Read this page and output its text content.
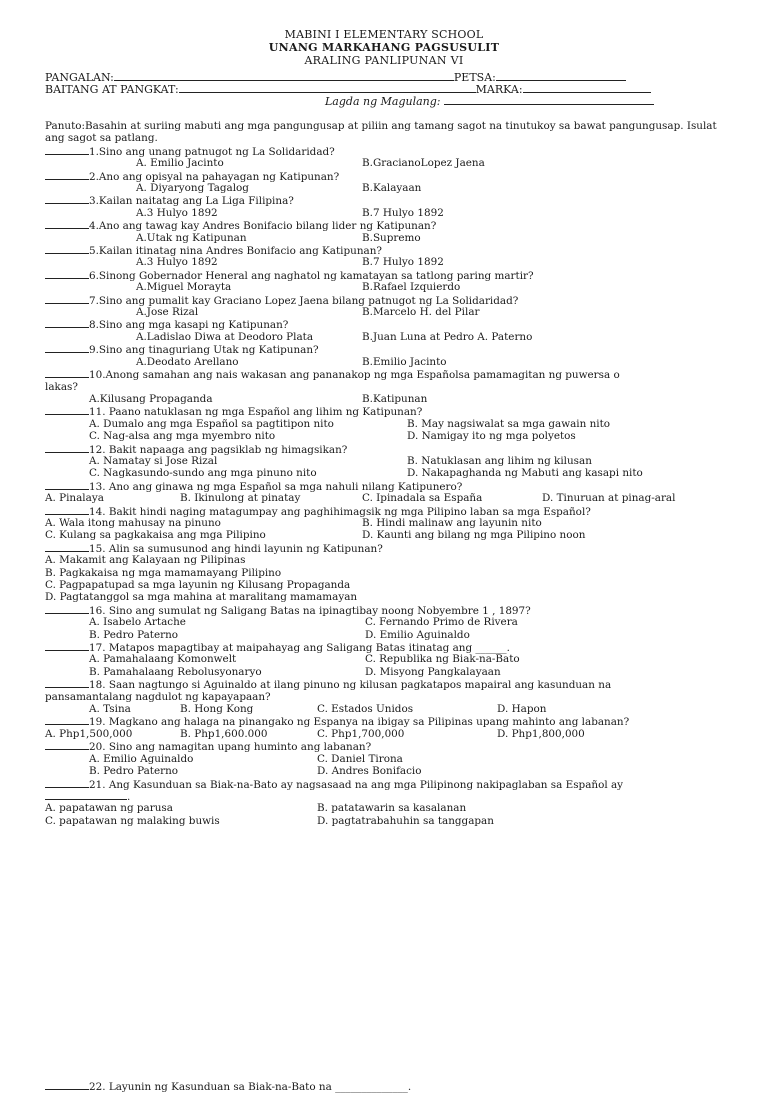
MABINI I ELEMENTARY SCHOOL
UNANG MARKAHANG PAGSUSULIT
ARALING PANLIPUNAN VI
PANGALAN:	PETSA:
BAITANG AT PANGKAT:	MARKA:
Lagda ng Magulang:
Panuto:Basahin at suriing mabuti ang mga pangungusap at piliin ang tamang sagot na tinutukoy sa bawat pangungusap. Isulat ang sagot sa patlang.
1.Sino ang unang patnugot ng La Solidaridad?
A. Emilio Jacinto	B.GracianoLopez Jaena
2.Ano ang opisyal na pahayagan ng Katipunan?
A. Diyaryong Tagalog	B.Kalayaan
3.Kailan naitatag ang La Liga Filipina?
A.3 Hulyo 1892	B.7 Hulyo 1892
4.Ano ang tawag kay Andres Bonifacio bilang lider ng Katipunan?
A.Utak ng Katipunan	B.Supremo
5.Kailan itinatag nina Andres Bonifacio ang Katipunan?
A.3 Hulyo 1892	B.7 Hulyo 1892
6.Sinong Gobernador Heneral ang naghatol ng kamatayan sa tatlong paring martir?
A.Miguel Morayta	B.Rafael Izquierdo
7.Sino ang pumalit kay Graciano Lopez Jaena bilang patnugot ng La Solidaridad?
A.Jose Rizal	B.Marcelo H. del Pilar
8.Sino ang mga kasapi ng Katipunan?
A.Ladislao Diwa at Deodoro Plata	B.Juan Luna at Pedro A. Paterno
9.Sino ang tinaguriang Utak ng Katipunan?
A.Deodato Arellano	B.Emilio Jacinto
10.Anong samahan ang nais wakasan ang pananakop ng mga Españolsa pamamagitan ng puwersa o
lakas?
A.Kilusang Propaganda	B.Katipunan
11. Paano natuklasan ng mga Español ang lihim ng Katipunan?
A. Dumalo ang mga Español sa pagtitipon nito	B. May nagsiwalat sa mga gawain nito
C. Nag-alsa ang mga myembro nito	D. Namigay ito ng mga polyetos
12. Bakit napaaga ang pagsiklab ng himagsikan?
A. Namatay si Jose Rizal	B. Natuklasan ang lihim ng kilusan
C. Nagkasundo-sundo ang mga pinuno nito	D. Nakapaghanda ng Mabuti ang kasapi nito
13. Ano ang ginawa ng mga Español sa mga nahuli nilang Katipunero?
A. Pinalaya	B. Ikinulong at pinatay	C. Ipinadala sa España	D. Tinuruan at pinag-aral
14. Bakit hindi naging matagumpay ang paghihimagsik ng mga Pilipino laban sa mga Español?
A. Wala itong mahusay na pinuno	B. Hindi malinaw ang layunin nito
C. Kulang sa pagkakaisa ang mga Pilipino	D. Kaunti ang bilang ng mga Pilipino noon
15. Alin sa sumusunod ang hindi layunin ng Katipunan?
A. Makamit ang Kalayaan ng Pilipinas
B. Pagkakaisa ng mga mamamayang Pilipino
C. Pagpapatupad sa mga layunin ng Kilusang Propaganda
D. Pagtatanggol sa mga mahina at maralitang mamamayan
16. Sino ang sumulat ng Saligang Batas na ipinagtibay noong Nobyembre 1 , 1897?
A. Isabelo Artache	C. Fernando Primo de Rivera
B. Pedro Paterno	D. Emilio Aguinaldo
17. Matapos mapagtibay at maipahayag ang Saligang Batas itinatag ang ______.
A. Pamahalaang Komonwelt	C. Republika ng Biak-na-Bato
B. Pamahalaang Rebolusyonaryo	D. Misyong Pangkalayaan
18. Saan nagtungo si Aguinaldo at ilang pinuno ng kilusan pagkatapos mapairal ang kasunduan na
pansamantalang nagdulot ng kapayapaan?
A. Tsina	B. Hong Kong	C. Estados Unidos	D. Hapon
19. Magkano ang halaga na pinangako ng Espanya na ibigay sa Pilipinas upang mahinto ang labanan?
A. Php1,500,000	B. Php1,600.000	C. Php1,700,000	D. Php1,800,000
20. Sino ang namagitan upang huminto ang labanan?
A. Emilio Aguinaldo	C. Daniel Tirona
B. Pedro Paterno	D. Andres Bonifacio
21. Ang Kasunduan sa Biak-na-Bato ay nagsasaad na ang mga Pilipinong nakipaglaban sa Español ay
.
A. papatawan ng parusa	B. patatawarin sa kasalanan
C. papatawan ng malaking buwis	D. pagtatrabahuhin sa tanggapan
22. Layunin ng Kasunduan sa Biak-na-Bato na ______________.
